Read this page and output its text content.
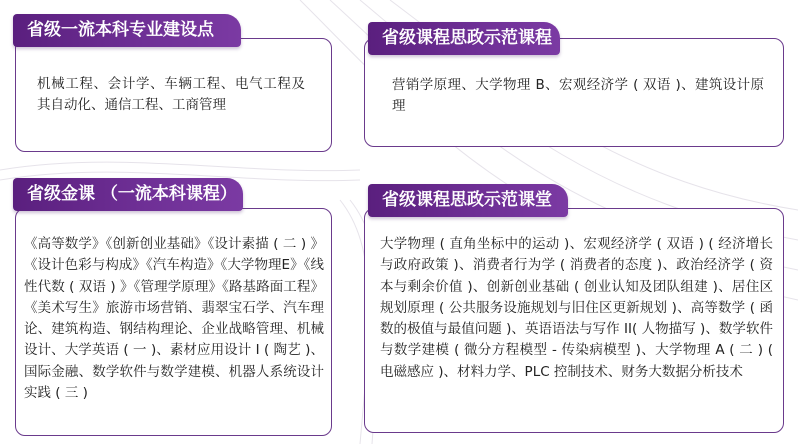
省级一流本科专业建设点
机械工程、会计学、车辆工程、电气工程及其自动化、通信工程、工商管理
省级课程思政示范课程
营销学原理、大学物理 B、宏观经济学 ( 双语 )、建筑设计原理
省级金课 （一流本科课程）
《高等数学》《创新创业基础》《设计素描 ( 二 ) 》《设计色彩与构成》《汽车构造》《大学物理E》《线性代数 ( 双语 ) 》《管理学原理》《路基路面工程》《美术写生》旅游市场营销、翡翠宝石学、汽车理论、建筑构造、钢结构理论、企业战略管理、机械设计、大学英语 ( 一 )、素材应用设计 I ( 陶艺 )、国际金融、数学软件与数学建模、机器人系统设计实践 ( 三 )
省级课程思政示范课堂
大学物理 ( 直角坐标中的运动 )、宏观经济学 ( 双语 ) ( 经济增长与政府政策 )、消费者行为学 ( 消费者的态度 )、政治经济学 ( 资本与剩余价值 )、创新创业基础 ( 创业认知及团队组建 )、居住区规划原理 ( 公共服务设施规划与旧住区更新规划 )、高等数学 ( 函数的极值与最值问题 )、英语语法与写作 II( 人物描写 )、数学软件与数学建模 ( 微分方程模型 - 传染病模型 )、大学物理 A ( 二 ) ( 电磁感应 )、材料力学、PLC 控制技术、财务大数据分析技术
